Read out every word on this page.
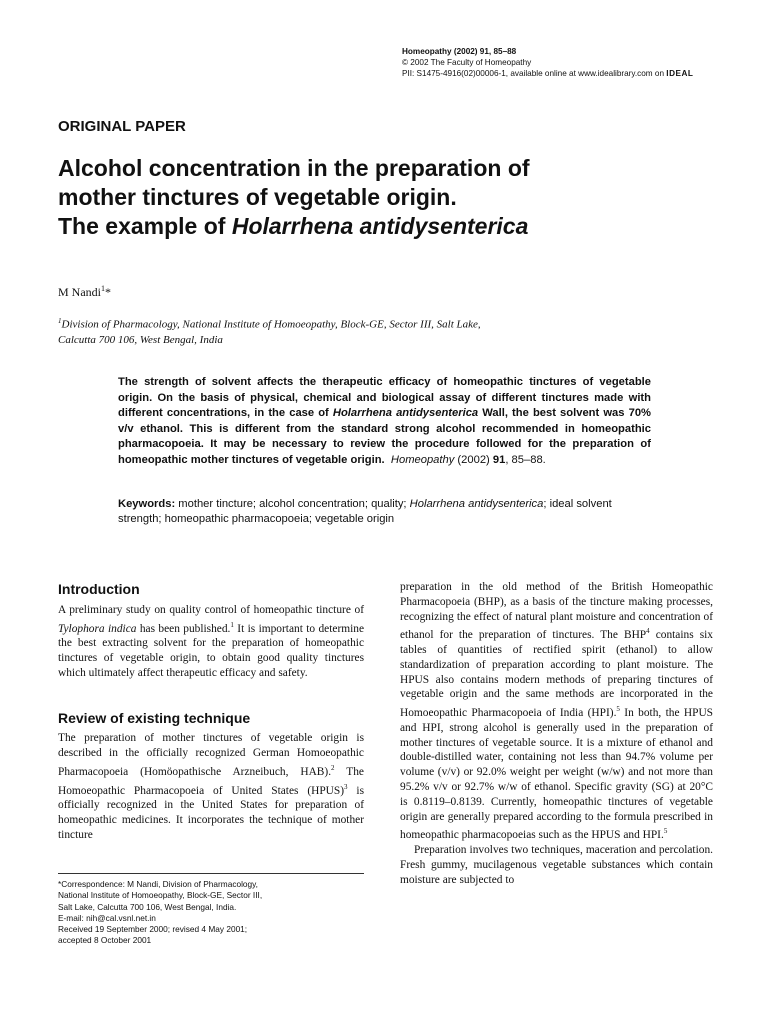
Homeopathy (2002) 91, 85–88
© 2002 The Faculty of Homeopathy
PII: S1475-4916(02)00006-1, available online at www.idealibrary.com on IDEAL
ORIGINAL PAPER
Alcohol concentration in the preparation of
mother tinctures of vegetable origin.
The example of Holarrhena antidysenterica
M Nandi$^1$*
$^1$Division of Pharmacology, National Institute of Homoeopathy, Block-GE, Sector III, Salt Lake,
Calcutta 700 106, West Bengal, India
The strength of solvent affects the therapeutic efficacy of homeopathic tinctures of vegetable origin. On the basis of physical, chemical and biological assay of different tinctures made with different concentrations, in the case of Holarrhena antidysenterica Wall, the best solvent was 70% v/v ethanol. This is different from the standard strong alcohol recommended in homeopathic pharmacopoeia. It may be necessary to review the procedure followed for the preparation of homeopathic mother tinctures of vegetable origin. Homeopathy (2002) 91, 85–88.
Keywords: mother tincture; alcohol concentration; quality; Holarrhena antidysenterica; ideal solvent strength; homeopathic pharmacopoeia; vegetable origin
Introduction

A preliminary study on quality control of homeopathic tincture of Tylophora indica has been published.$^1$ It is important to determine the best extracting solvent for the preparation of homeopathic tinctures of vegetable origin, to obtain good quality tinctures which ultimately affect therapeutic efficacy and safety.

Review of existing technique

The preparation of mother tinctures of vegetable origin is described in the officially recognized German Homoeopathic Pharmacopoeia (Homöopathische Arzneibuch, HAB).$^2$ The Homoeopathic Pharmacopoeia of United States (HPUS)$^3$ is officially recognized in the United States for preparation of homeopathic medicines. It incorporates the technique of mother tincture

preparation in the old method of the British Homeopathic Pharmacopoeia (BHP), as a basis of the tincture making processes, recognizing the effect of natural plant moisture and concentration of ethanol for the preparation of tinctures. The BHP$^4$ contains six tables of quantities of rectified spirit (ethanol) to allow standardization of preparation according to plant moisture. The HPUS also contains modern methods of preparing tinctures of vegetable origin and the same methods are incorporated in the Homoeopathic Pharmacopoeia of India (HPI).$^5$ In both, the HPUS and HPI, strong alcohol is generally used in the preparation of mother tinctures of vegetable source. It is a mixture of ethanol and double-distilled water, containing not less than 94.7% volume per volume (v/v) or 92.0% weight per weight (w/w) and not more than 95.2% v/v or 92.7% w/w of ethanol. Specific gravity (SG) at 20°C is 0.8119–0.8139. Currently, homeopathic tinctures of vegetable origin are generally prepared according to the formula prescribed in homeopathic pharmacopoeias such as the HPUS and HPI.$^5$

Preparation involves two techniques, maceration and percolation. Fresh gummy, mucilagenous vegetable substances which contain moisture are subjected to

*Correspondence: M Nandi, Division of Pharmacology,
National Institute of Homoeopathy, Block-GE, Sector III,
Salt Lake, Calcutta 700 106, West Bengal, India.
E-mail: nih@cal.vsnl.net.in
Received 19 September 2000; revised 4 May 2001;
accepted 8 October 2001
